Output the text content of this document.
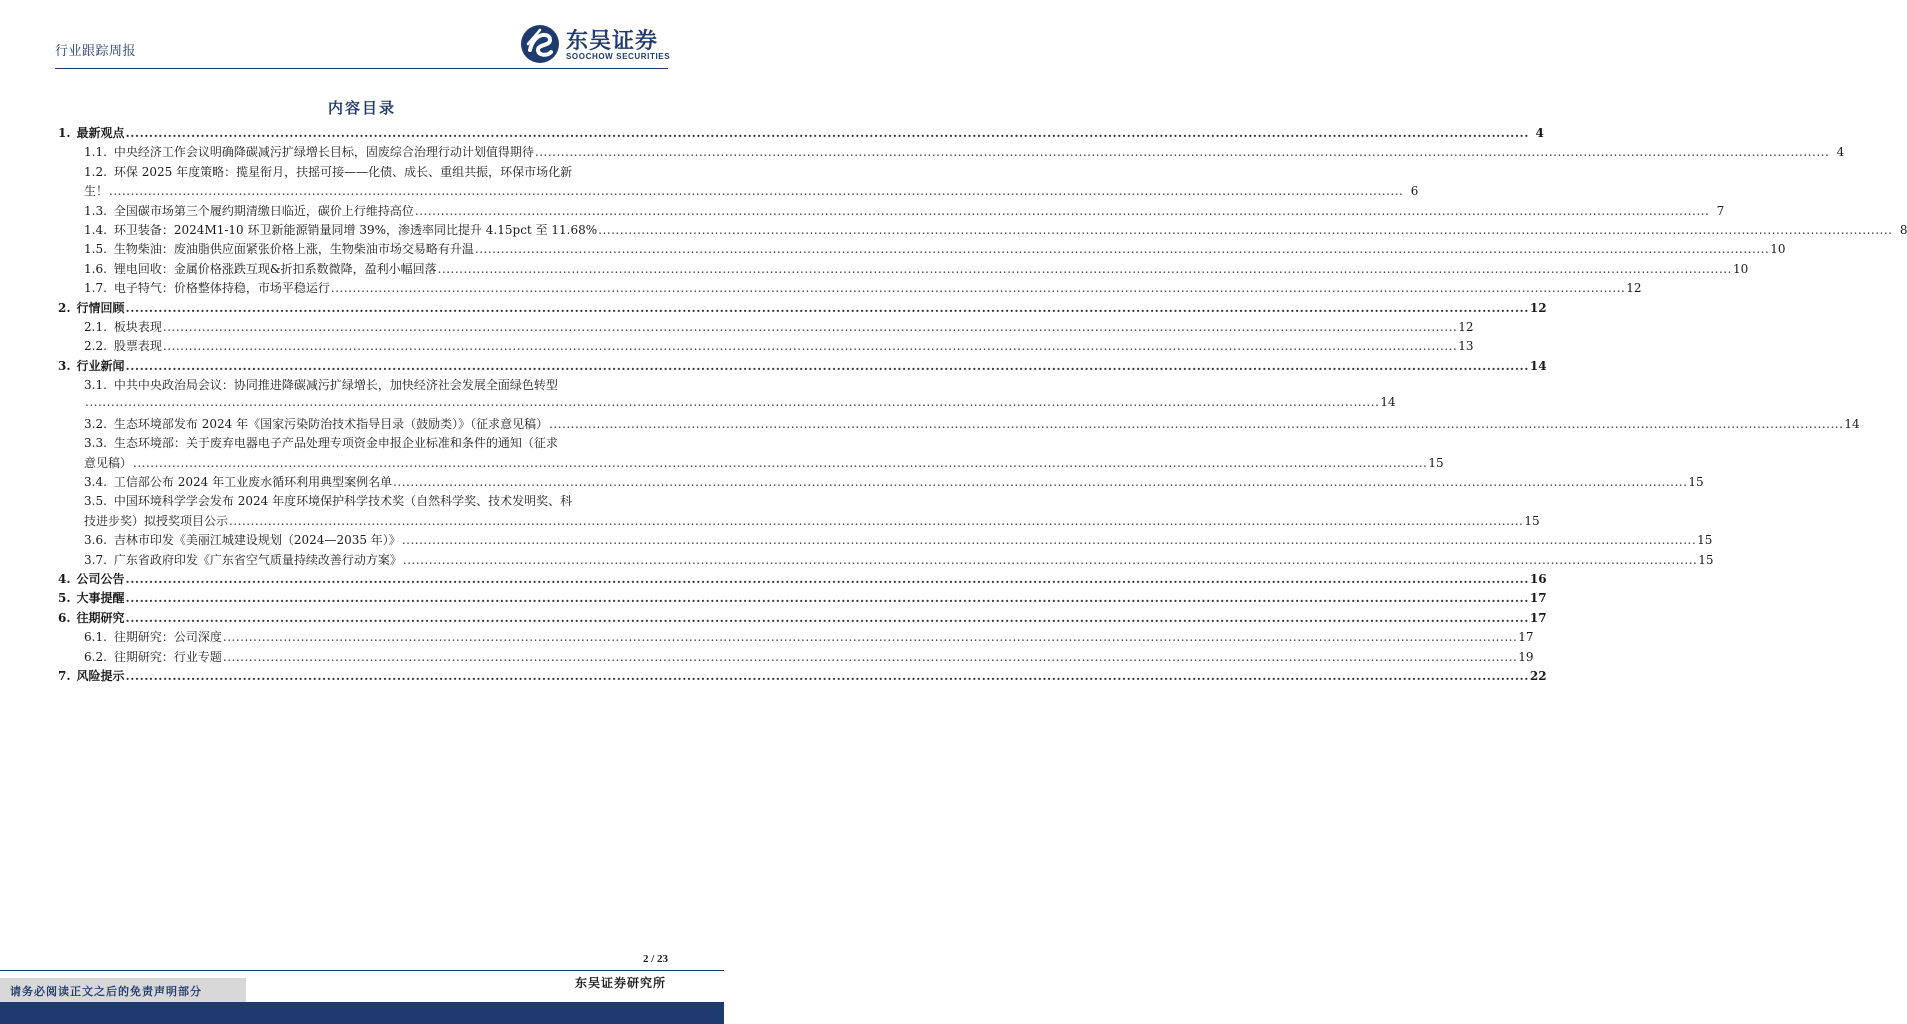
行业跟踪周报	东吴证券
SOOCHOW SECURITIES
内容目录
1. 最新观点 ............................................................................................................................................................................................................................................................................................................ 4
1.1. 中央经济工作会议明确降碳减污扩绿增长目标，固废综合治理行动计划值得期待 ............................................................................................................................................................................................................................................................................................................ 4
1.2. 环保 2025 年度策略：揽星衔月，扶摇可接——化债、成长、重组共振，环保市场化新
生！ ............................................................................................................................................................................................................................................................................................................ 6
1.3. 全国碳市场第三个履约期清缴日临近，碳价上行维持高位 ............................................................................................................................................................................................................................................................................................................ 7
1.4. 环卫装备：2024M1-10 环卫新能源销量同增 39%，渗透率同比提升 4.15pct 至 11.68% ............................................................................................................................................................................................................................................................................................................ 8
1.5. 生物柴油：废油脂供应面紧张价格上涨，生物柴油市场交易略有升温 ............................................................................................................................................................................................................................................................................................................ 10
1.6. 锂电回收：金属价格涨跌互现&折扣系数微降，盈利小幅回落 ............................................................................................................................................................................................................................................................................................................ 10
1.7. 电子特气：价格整体持稳，市场平稳运行 ............................................................................................................................................................................................................................................................................................................ 12
2. 行情回顾 ............................................................................................................................................................................................................................................................................................................ 12
2.1. 板块表现 ............................................................................................................................................................................................................................................................................................................ 12
2.2. 股票表现 ............................................................................................................................................................................................................................................................................................................ 13
3. 行业新闻 ............................................................................................................................................................................................................................................................................................................ 14
3.1. 中共中央政治局会议：协同推进降碳减污扩绿增长，加快经济社会发展全面绿色转型
............................................................................................................................................................................................................................................................................................................ 14
3.2. 生态环境部发布 2024 年《国家污染防治技术指导目录（鼓励类）》（征求意见稿） ............................................................................................................................................................................................................................................................................................................ 14
3.3. 生态环境部：关于废弃电器电子产品处理专项资金申报企业标准和条件的通知（征求
意见稿） ............................................................................................................................................................................................................................................................................................................ 15
3.4. 工信部公布 2024 年工业废水循环利用典型案例名单 ............................................................................................................................................................................................................................................................................................................ 15
3.5. 中国环境科学学会发布 2024 年度环境保护科学技术奖（自然科学奖、技术发明奖、科
技进步奖）拟授奖项目公示 ............................................................................................................................................................................................................................................................................................................ 15
3.6. 吉林市印发《美丽江城建设规划（2024—2035 年）》 ............................................................................................................................................................................................................................................................................................................ 15
3.7. 广东省政府印发《广东省空气质量持续改善行动方案》 ............................................................................................................................................................................................................................................................................................................ 15
4. 公司公告 ............................................................................................................................................................................................................................................................................................................ 16
5. 大事提醒 ............................................................................................................................................................................................................................................................................................................ 17
6. 往期研究 ............................................................................................................................................................................................................................................................................................................ 17
6.1. 往期研究：公司深度 ............................................................................................................................................................................................................................................................................................................ 17
6.2. 往期研究：行业专题 ............................................................................................................................................................................................................................................................................................................ 19
7. 风险提示 ............................................................................................................................................................................................................................................................................................................ 22
2 / 23
东吴证券研究所
请务必阅读正文之后的免责声明部分
